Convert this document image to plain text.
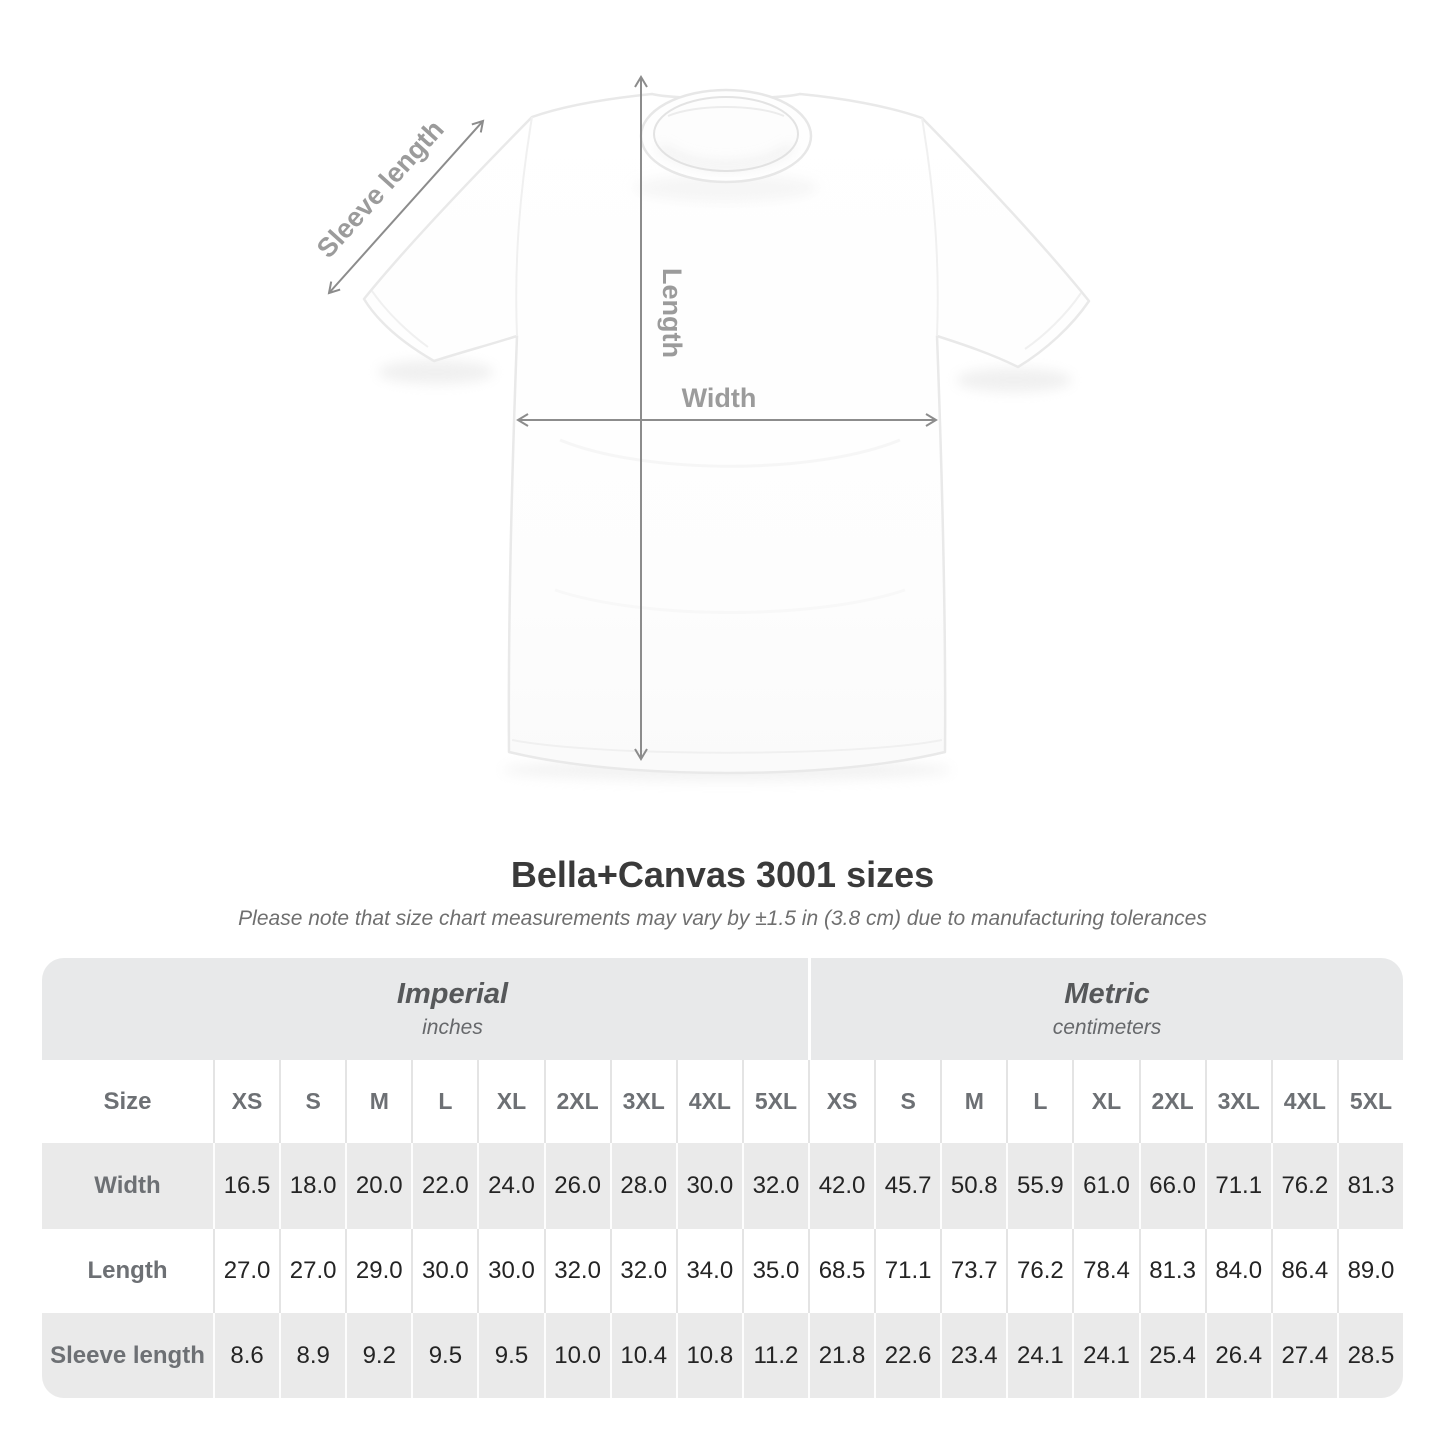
Sleeve length
Length
Width
Bella+Canvas 3001 sizes

Please note that size chart measurements may vary by ±1.5 in (3.8 cm) due to manufacturing tolerances

Imperial
inches
Metric
centimeters
Size	XS	S	M	L	XL	2XL	3XL	4XL	5XL	XS	S	M	L	XL	2XL	3XL	4XL	5XL
Width	16.5 18.0 20.0 22.0 24.0 26.0 28.0 30.0 32.0 42.0 45.7 50.8 55.9 61.0 66.0 71.1 76.2 81.3
Length	27.0 27.0 29.0 30.0 30.0 32.0 32.0 34.0 35.0 68.5 71.1 73.7 76.2 78.4 81.3 84.0 86.4 89.0
Sleeve length	8.6	8.9	9.2	9.5	9.5	10.0 10.4 10.8 11.2 21.8 22.6 23.4 24.1 24.1 25.4 26.4 27.4 28.5
